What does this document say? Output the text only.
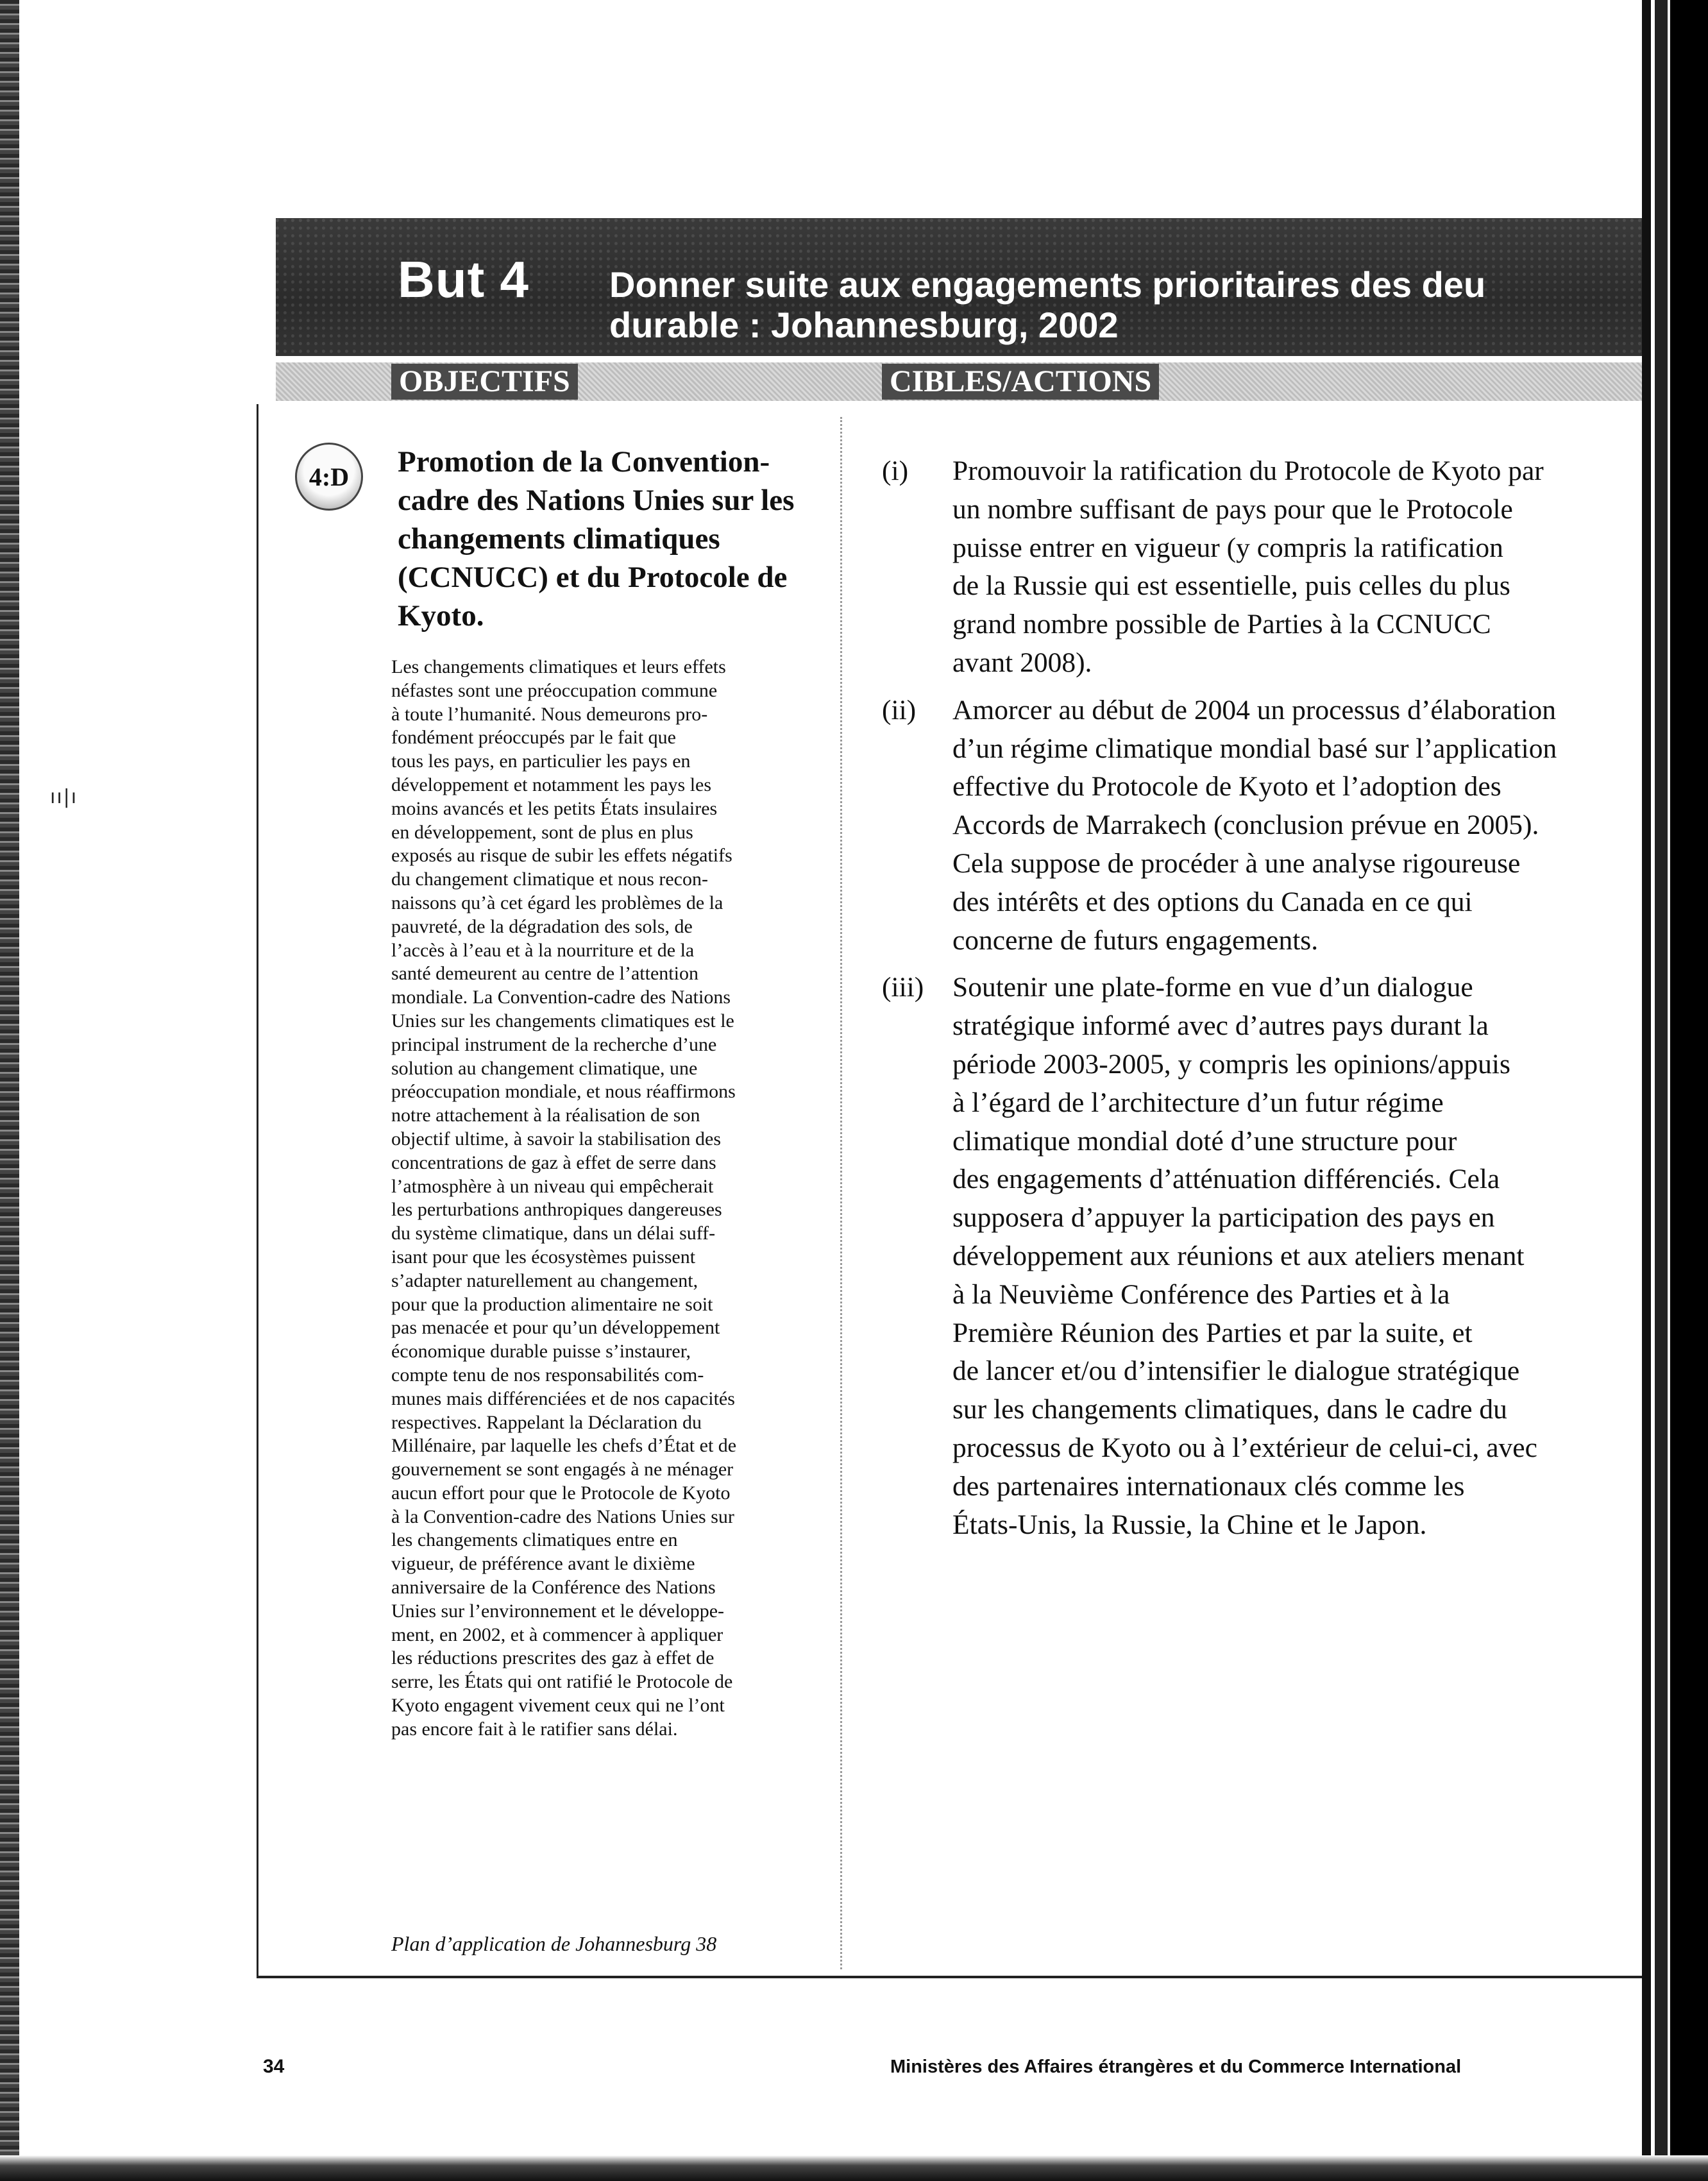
ıı|ı
But 4 Donner suite aux engagements prioritaires des deu
durable : Johannesburg, 2002
OBJECTIFS	CIBLES/ACTIONS
4:D	Promotion de la Convention-cadre des Nations Unies sur les changements climatiques (CCNUCC) et du Protocole de Kyoto.
Les changements climatiques et leurs effets
néfastes sont une préoccupation commune
à toute l’humanité. Nous demeurons pro-
fondément préoccupés par le fait que
tous les pays, en particulier les pays en
développement et notamment les pays les
moins avancés et les petits États insulaires
en développement, sont de plus en plus
exposés au risque de subir les effets négatifs
du changement climatique et nous recon-
naissons qu’à cet égard les problèmes de la
pauvreté, de la dégradation des sols, de
l’accès à l’eau et à la nourriture et de la
santé demeurent au centre de l’attention
mondiale. La Convention-cadre des Nations
Unies sur les changements climatiques est le
principal instrument de la recherche d’une
solution au changement climatique, une
préoccupation mondiale, et nous réaffirmons
notre attachement à la réalisation de son
objectif ultime, à savoir la stabilisation des
concentrations de gaz à effet de serre dans
l’atmosphère à un niveau qui empêcherait
les perturbations anthropiques dangereuses
du système climatique, dans un délai suff-
isant pour que les écosystèmes puissent
s’adapter naturellement au changement,
pour que la production alimentaire ne soit
pas menacée et pour qu’un développement
économique durable puisse s’instaurer,
compte tenu de nos responsabilités com-
munes mais différenciées et de nos capacités
respectives. Rappelant la Déclaration du
Millénaire, par laquelle les chefs d’État et de
gouvernement se sont engagés à ne ménager
aucun effort pour que le Protocole de Kyoto
à la Convention-cadre des Nations Unies sur
les changements climatiques entre en
vigueur, de préférence avant le dixième
anniversaire de la Conférence des Nations
Unies sur l’environnement et le développe-
ment, en 2002, et à commencer à appliquer
les réductions prescrites des gaz à effet de
serre, les États qui ont ratifié le Protocole de
Kyoto engagent vivement ceux qui ne l’ont
pas encore fait à le ratifier sans délai.
Plan d’application de Johannesburg 38
(i) Promouvoir la ratification du Protocole de Kyoto par
un nombre suffisant de pays pour que le Protocole
puisse entrer en vigueur (y compris la ratification
de la Russie qui est essentielle, puis celles du plus
grand nombre possible de Parties à la CCNUCC
avant 2008).
(ii) Amorcer au début de 2004 un processus d’élaboration
d’un régime climatique mondial basé sur l’application
effective du Protocole de Kyoto et l’adoption des
Accords de Marrakech (conclusion prévue en 2005).
Cela suppose de procéder à une analyse rigoureuse
des intérêts et des options du Canada en ce qui
concerne de futurs engagements.
(iii) Soutenir une plate-forme en vue d’un dialogue
stratégique informé avec d’autres pays durant la
période 2003-2005, y compris les opinions/appuis
à l’égard de l’architecture d’un futur régime
climatique mondial doté d’une structure pour
des engagements d’atténuation différenciés. Cela
supposera d’appuyer la participation des pays en
développement aux réunions et aux ateliers menant
à la Neuvième Conférence des Parties et à la
Première Réunion des Parties et par la suite, et
de lancer et/ou d’intensifier le dialogue stratégique
sur les changements climatiques, dans le cadre du
processus de Kyoto ou à l’extérieur de celui-ci, avec
des partenaires internationaux clés comme les
États-Unis, la Russie, la Chine et le Japon.
34	Ministères des Affaires étrangères et du Commerce International
